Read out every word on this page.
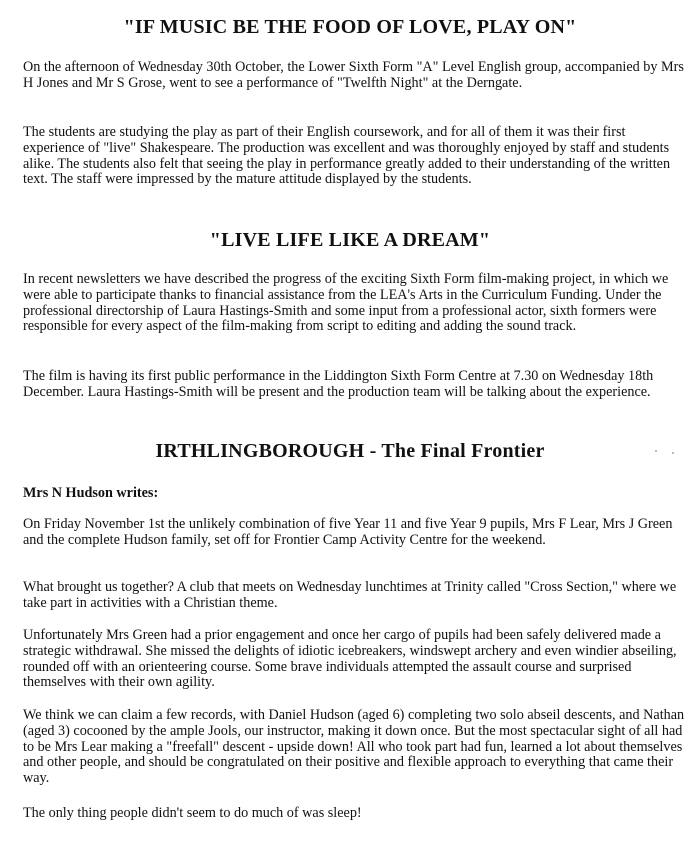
"IF MUSIC BE THE FOOD OF LOVE, PLAY ON"

On the afternoon of Wednesday 30th October, the Lower Sixth Form "A" Level English group, accompanied by Mrs H Jones and Mr S Grose, went to see a performance of "Twelfth Night" at the Derngate.

The students are studying the play as part of their English coursework, and for all of them it was their first experience of "live" Shakespeare. The production was excellent and was thoroughly enjoyed by staff and students alike. The students also felt that seeing the play in performance greatly added to their understanding of the written text. The staff were impressed by the mature attitude displayed by the students.

"LIVE LIFE LIKE A DREAM"

In recent newsletters we have described the progress of the exciting Sixth Form film-making project, in which we were able to participate thanks to financial assistance from the LEA's Arts in the Curriculum Funding. Under the professional directorship of Laura Hastings-Smith and some input from a professional actor, sixth formers were responsible for every aspect of the film-making from script to editing and adding the sound track.

The film is having its first public performance in the Liddington Sixth Form Centre at 7.30 on Wednesday 18th December. Laura Hastings-Smith will be present and the production team will be talking about the experience.

IRTHLINGBOROUGH - The Final Frontier

Mrs N Hudson writes:

On Friday November 1st the unlikely combination of five Year 11 and five Year 9 pupils, Mrs F Lear, Mrs J Green and the complete Hudson family, set off for Frontier Camp Activity Centre for the weekend.

What brought us together? A club that meets on Wednesday lunchtimes at Trinity called "Cross Section," where we take part in activities with a Christian theme.

Unfortunately Mrs Green had a prior engagement and once her cargo of pupils had been safely delivered made a strategic withdrawal. She missed the delights of idiotic icebreakers, windswept archery and even windier abseiling, rounded off with an orienteering course. Some brave individuals attempted the assault course and surprised themselves with their own agility.

We think we can claim a few records, with Daniel Hudson (aged 6) completing two solo abseil descents, and Nathan (aged 3) cocooned by the ample Jools, our instructor, making it down once. But the most spectacular sight of all had to be Mrs Lear making a "freefall" descent - upside down! All who took part had fun, learned a lot about themselves and other people, and should be congratulated on their positive and flexible approach to everything that came their way.

The only thing people didn't seem to do much of was sleep!
